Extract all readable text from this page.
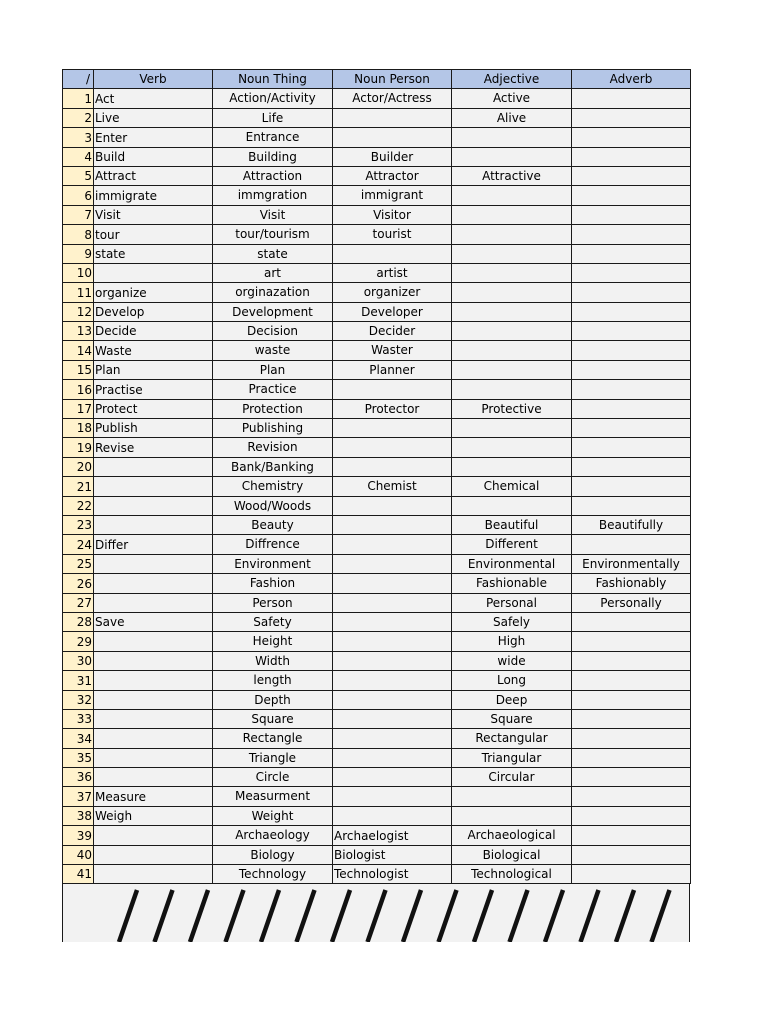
/	Verb	Noun Thing	Noun Person	Adjective	Adverb
1	Act	Action/Activity	Actor/Actress	Active	
2	Live	Life		Alive	
3	Enter	Entrance			
4	Build	Building	Builder		
5	Attract	Attraction	Attractor	Attractive	
6	immigrate	immgration	immigrant		
7	Visit	Visit	Visitor		
8	tour	tour/tourism	tourist		
9	state	state			
10		art	artist		
11	organize	orginazation	organizer		
12	Develop	Development	Developer		
13	Decide	Decision	Decider		
14	Waste	waste	Waster		
15	Plan	Plan	Planner		
16	Practise	Practice			
17	Protect	Protection	Protector	Protective	
18	Publish	Publishing			
19	Revise	Revision			
20		Bank/Banking			
21		Chemistry	Chemist	Chemical	
22		Wood/Woods			
23		Beauty		Beautiful	Beautifully
24	Differ	Diffrence		Different	
25		Environment		Environmental	Environmentally
26		Fashion		Fashionable	Fashionably
27		Person		Personal	Personally
28	Save	Safety		Safely	
29		Height		High	
30		Width		wide	
31		length		Long	
32		Depth		Deep	
33		Square		Square	
34		Rectangle		Rectangular	
35		Triangle		Triangular	
36		Circle		Circular	
37	Measure	Measurment			
38	Weigh	Weight			
39		Archaeology	Archaelogist	Archaeological	
40		Biology	Biologist	Biological	
41		Technology	Technologist	Technological	
